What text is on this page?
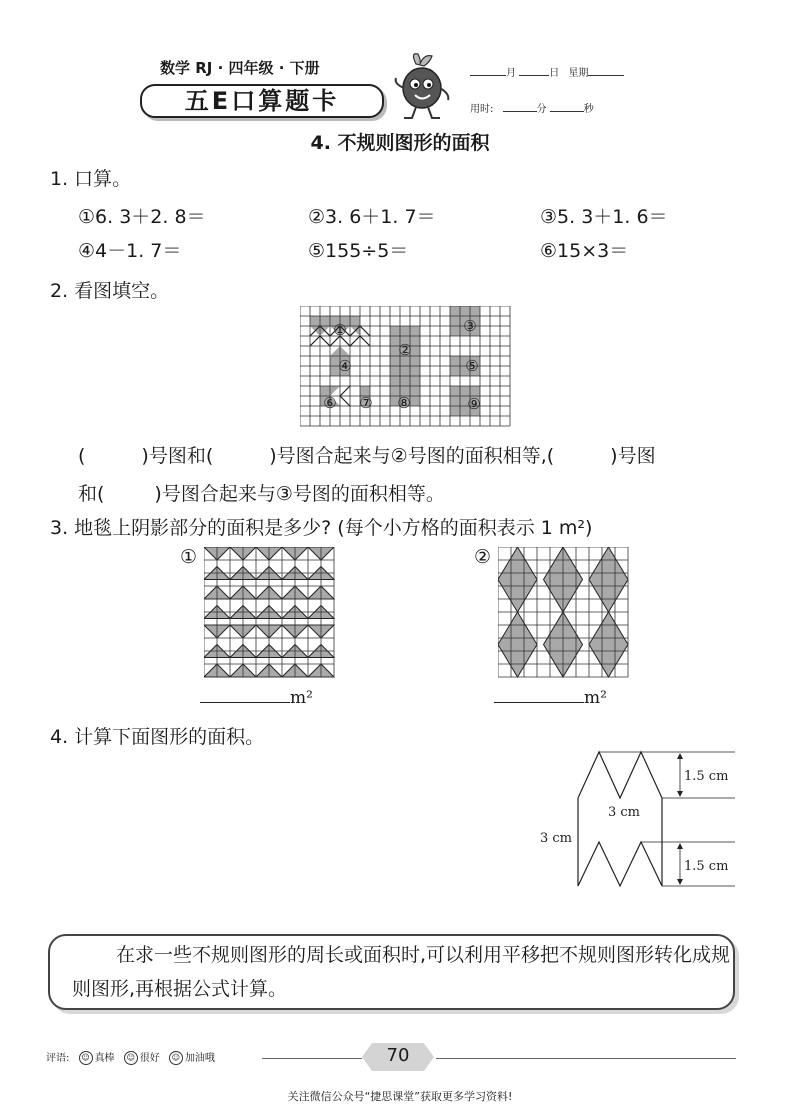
数学 RJ · 四年级 · 下册
五E口算题卡
月	日 星期
用时:	分	秒
4. 不规则图形的面积
1. 口算。
①6. 3＋2. 8＝	②3. 6＋1. 7＝	③5. 3＋1. 6＝
④4－1. 7＝	⑤155÷5＝	⑥15×3＝
2. 看图填空。
①
②
③
④	⑤
⑥ ⑦ ⑧	⑨
(	)号图和(	)号图合起来与②号图的面积相等,(	)号图
和(	)号图合起来与③号图的面积相等。
3. 地毯上阴影部分的面积是多少? (每个小方格的面积表示 1 m²)
①
m²
②
m²
4. 计算下面图形的面积。
1.5 cm
1.5 cm
3 cm
3 cm
在求一些不规则图形的周长或面积时,可以利用平移把不规则图形转化成规则图形,再根据公式计算。
评语: ☺ 真棒 ☺ 很好 ☺ 加油哦	70
关注微信公众号“捷思课堂”获取更多学习资料!
